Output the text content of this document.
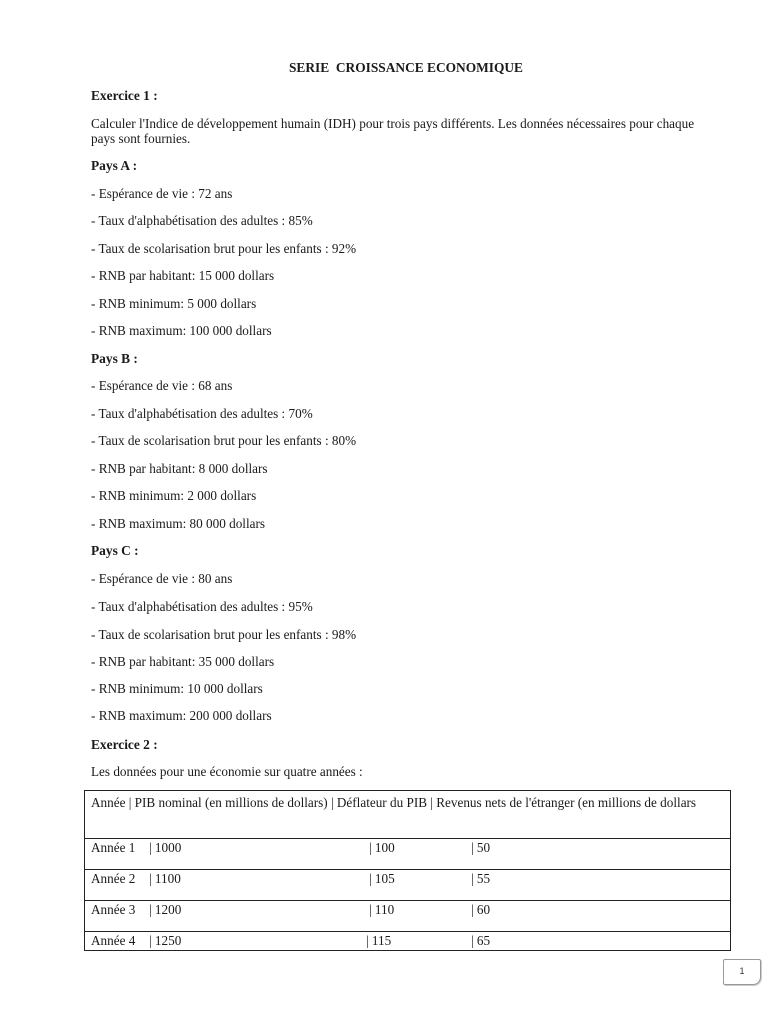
SERIE  CROISSANCE ECONOMIQUE
Exercice 1 :
Calculer l'Indice de développement humain (IDH) pour trois pays différents. Les données nécessaires pour chaque pays sont fournies.
Pays A :
- Espérance de vie : 72 ans
- Taux d'alphabétisation des adultes : 85%
- Taux de scolarisation brut pour les enfants : 92%
- RNB par habitant: 15 000 dollars
- RNB minimum: 5 000 dollars
- RNB maximum: 100 000 dollars
Pays B :
- Espérance de vie : 68 ans
- Taux d'alphabétisation des adultes : 70%
- Taux de scolarisation brut pour les enfants : 80%
- RNB par habitant: 8 000 dollars
- RNB minimum: 2 000 dollars
- RNB maximum: 80 000 dollars
Pays C :
- Espérance de vie : 80 ans
- Taux d'alphabétisation des adultes : 95%
- Taux de scolarisation brut pour les enfants : 98%
- RNB par habitant: 35 000 dollars
- RNB minimum: 10 000 dollars
- RNB maximum: 200 000 dollars
Exercice 2 :
Les données pour une économie sur quatre années :
Année | PIB nominal (en millions de dollars) | Déflateur du PIB | Revenus nets de l'étranger (en millions de dollars
Année 1 | 1000	| 100	| 50
Année 2 | 1100	| 105	| 55
Année 3 | 1200	| 110	| 60
Année 4 | 1250	| 115	| 65
1
